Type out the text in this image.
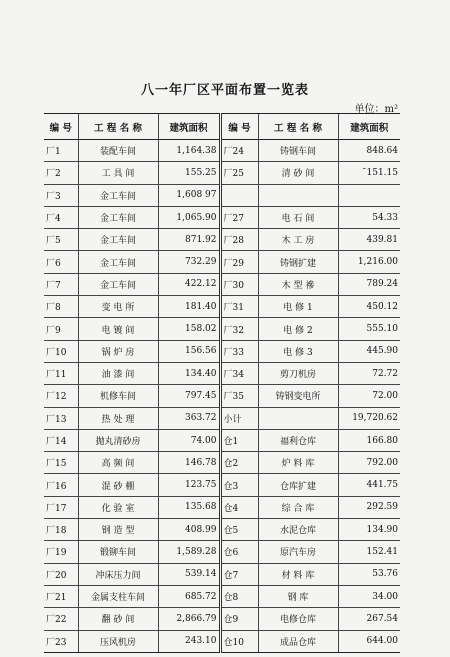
八一年厂区平面布置一览表
单位：m²
编 号	工 程 名 称	建筑面积	编 号	工 程 名 称	建筑面积
厂1	装配车间	1,164.38	厂24	铸钢车间	848.64
厂2	工 具 间	155.25	厂25	清 砂 间	ˉ151.15
厂3	金工车间	1,608 97			
厂4	金工车间	1,065.90	厂27	电 石 间	54.33
厂5	金工车间	871.92	厂28	木 工 房	439.81
厂6	金工车间	732.29	厂29	铸钢扩建	1,216.00
厂7	金工车间	422.12	厂30	木 型 襂	789.24
厂8	变 电 所	181.40	厂31	电 修 1	450.12
厂9	电 镀 间	158.02	厂32	电 修 2	555.10
厂10	锅 炉 房	156.56	厂33	电 修 3	445.90
厂11	油 漆 间	134.40	厂34	剪刀机房	72.72
厂12	机修车间	797.45	厂35	铸钢变电所	72.00
厂13	热 处 理	363.72	小计		19,720.62
厂14	抛丸清砂房	74.00	仓1	福利仓库	166.80
厂15	高 频 间	146.78	仓2	炉 料 库	792.00
厂16	混 砂 棚	123.75	仓3	仓库扩建	441.75
厂17	化 验 室	135.68	仓4	综 合 库	292.59
厂18	钢 造 型	408.99	仓5	水泥仓库	134.90
厂19	锻铆车间	1,589.28	仓6	原汽车房	152.41
厂20	冲床压力间	539.14	仓7	材 料 库	53.76
厂21	金属支柱车间	685.72	仓8	钢 库	34.00
厂22	翻 砂 间	2,866.79	仓9	电修仓库	267.54
厂23	压风机房	243.10	仓10	成品仓库	644.00
